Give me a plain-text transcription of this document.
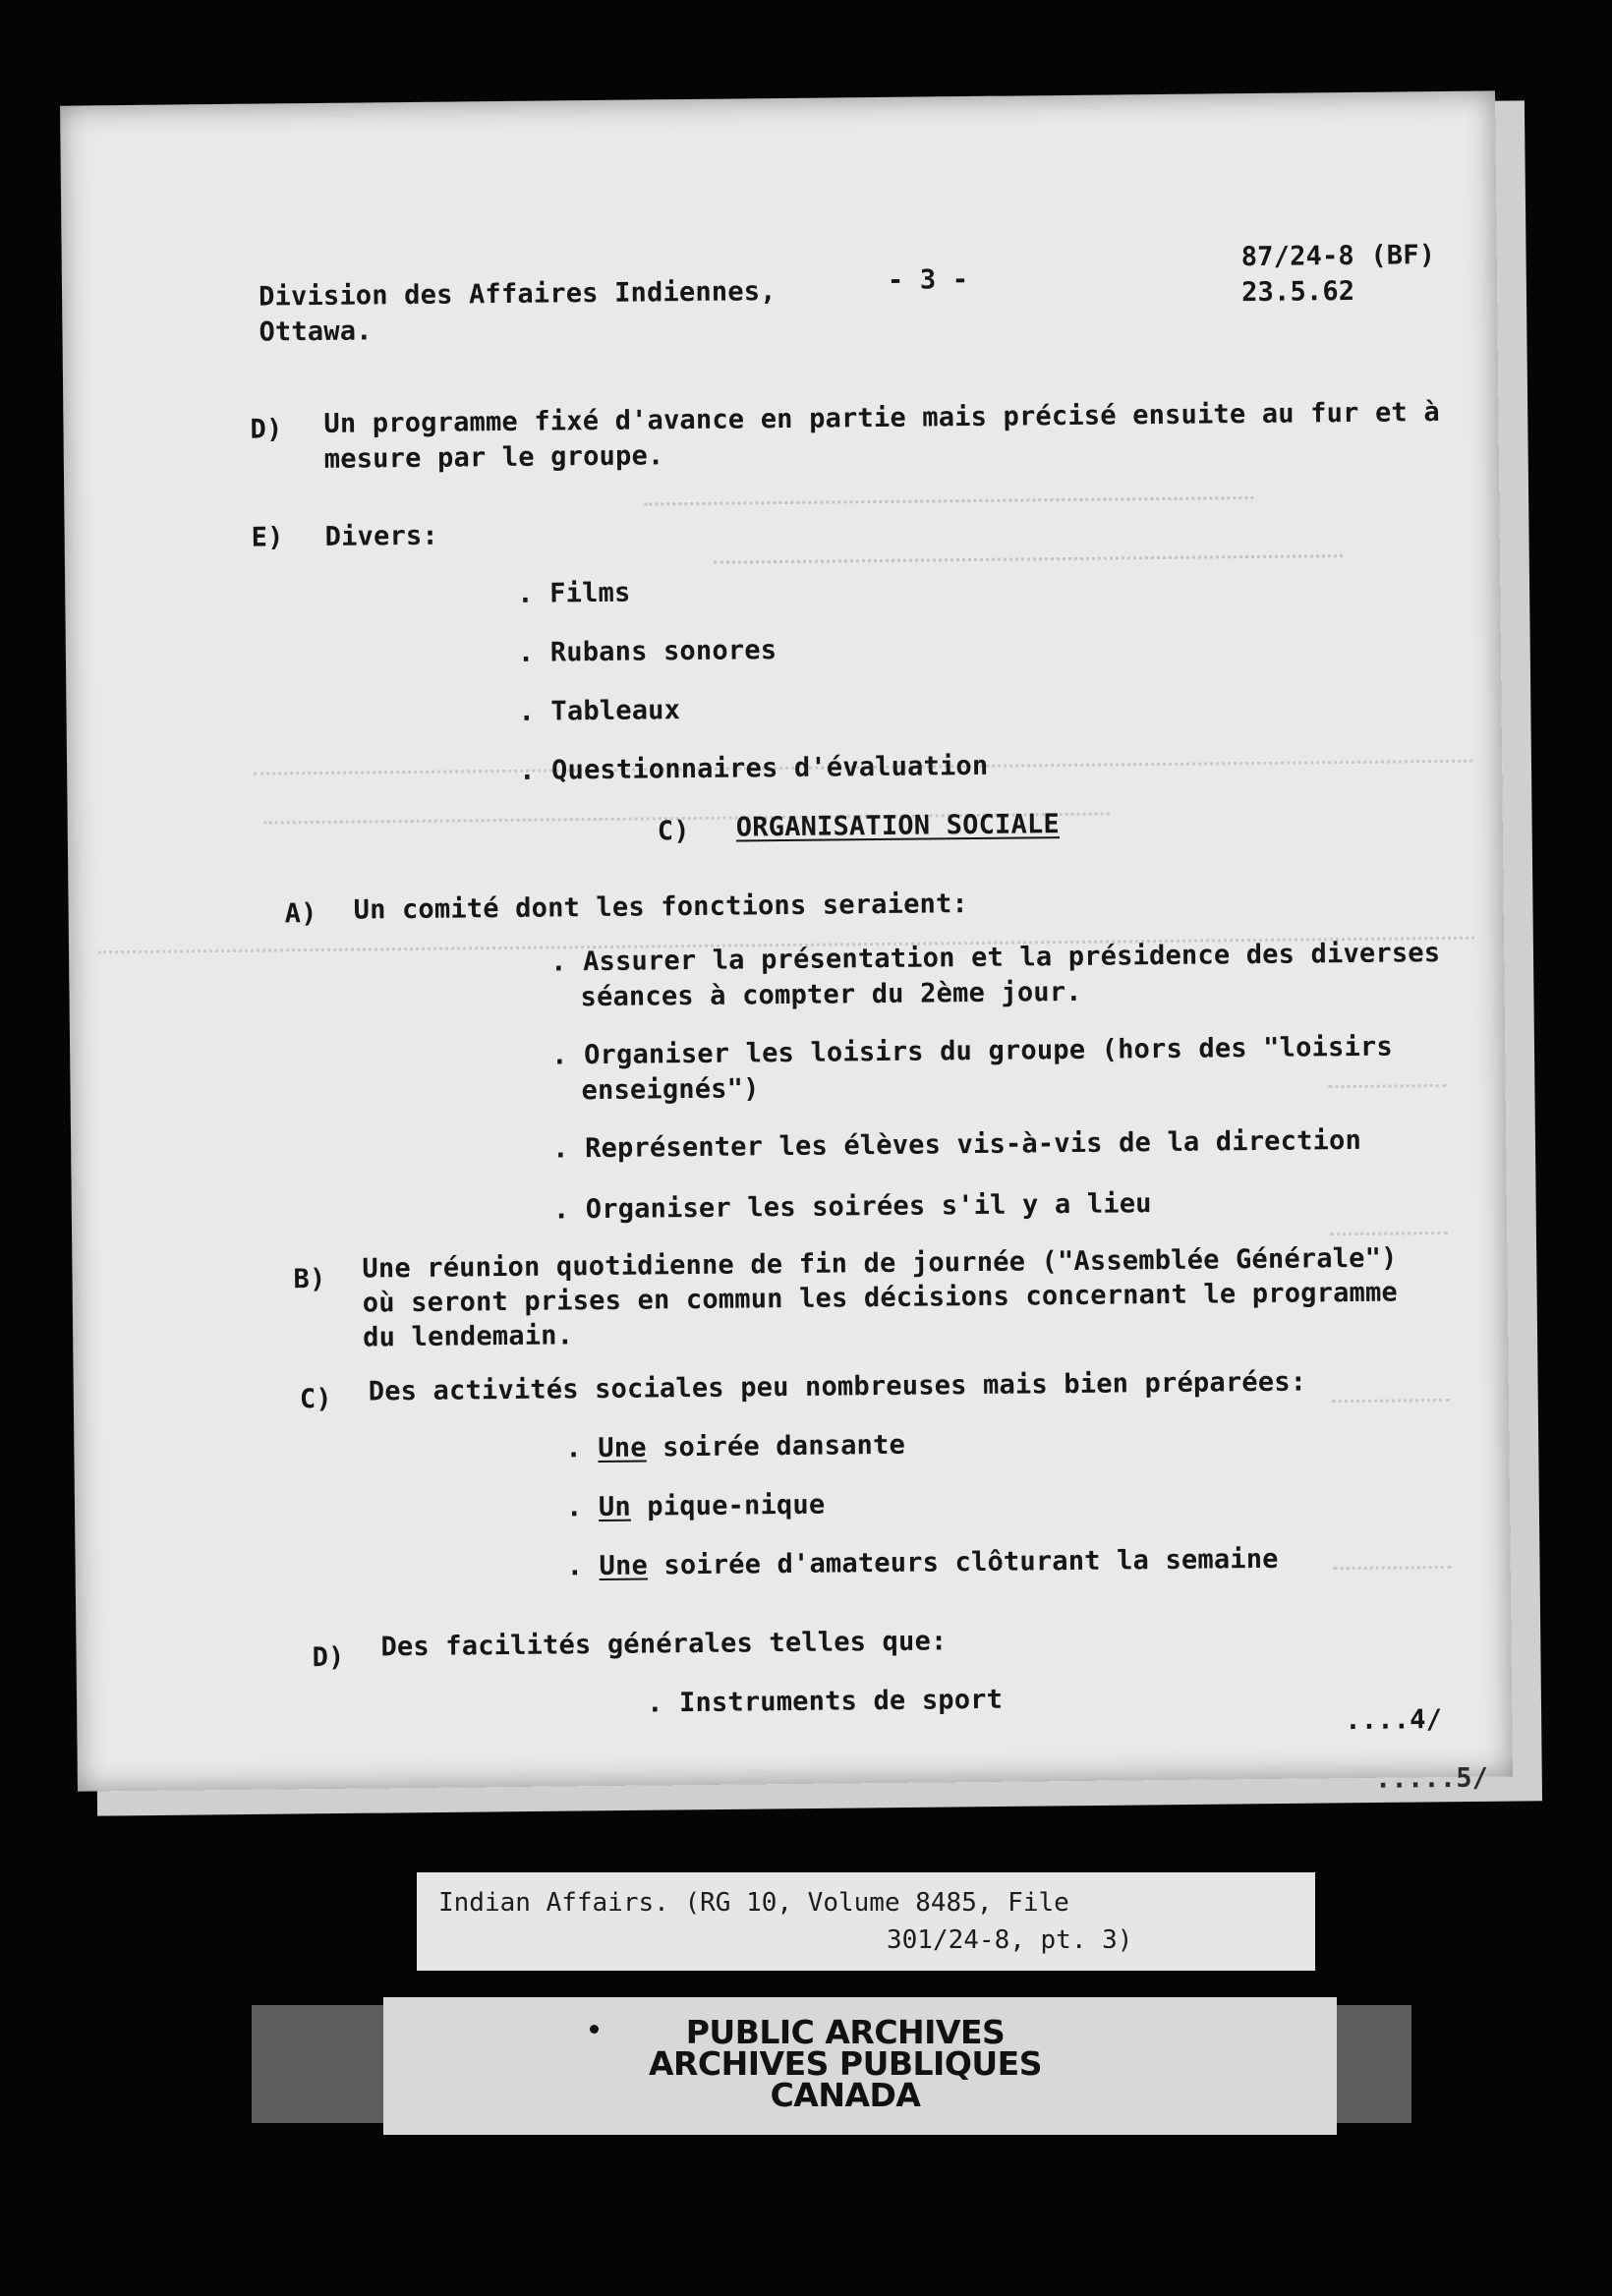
Division des Affaires Indiennes,
Ottawa.
- 3 -
87/24-8 (BF)
23.5.62
D) Un programme fixé d'avance en partie mais précisé ensuite au fur et à
mesure par le groupe.
E) Divers:
. Films
. Rubans sonores
. Tableaux
. Questionnaires d'évaluation
C) ORGANISATION SOCIALE
A) Un comité dont les fonctions seraient:
. Assurer la présentation et la présidence des diverses
séances à compter du 2ème jour.
. Organiser les loisirs du groupe (hors des "loisirs
enseignés")
. Représenter les élèves vis-à-vis de la direction
. Organiser les soirées s'il y a lieu
B) Une réunion quotidienne de fin de journée ("Assemblée Générale")
où seront prises en commun les décisions concernant le programme
du lendemain.
C) Des activités sociales peu nombreuses mais bien préparées:
. Une soirée dansante
. Un pique-nique
. Une soirée d'amateurs clôturant la semaine
D) Des facilités générales telles que:
. Instruments de sport
....4/
.....5/
Indian Affairs. (RG 10, Volume 8485, File
301/24-8, pt. 3)
PUBLIC ARCHIVES
ARCHIVES PUBLIQUES
CANADA
